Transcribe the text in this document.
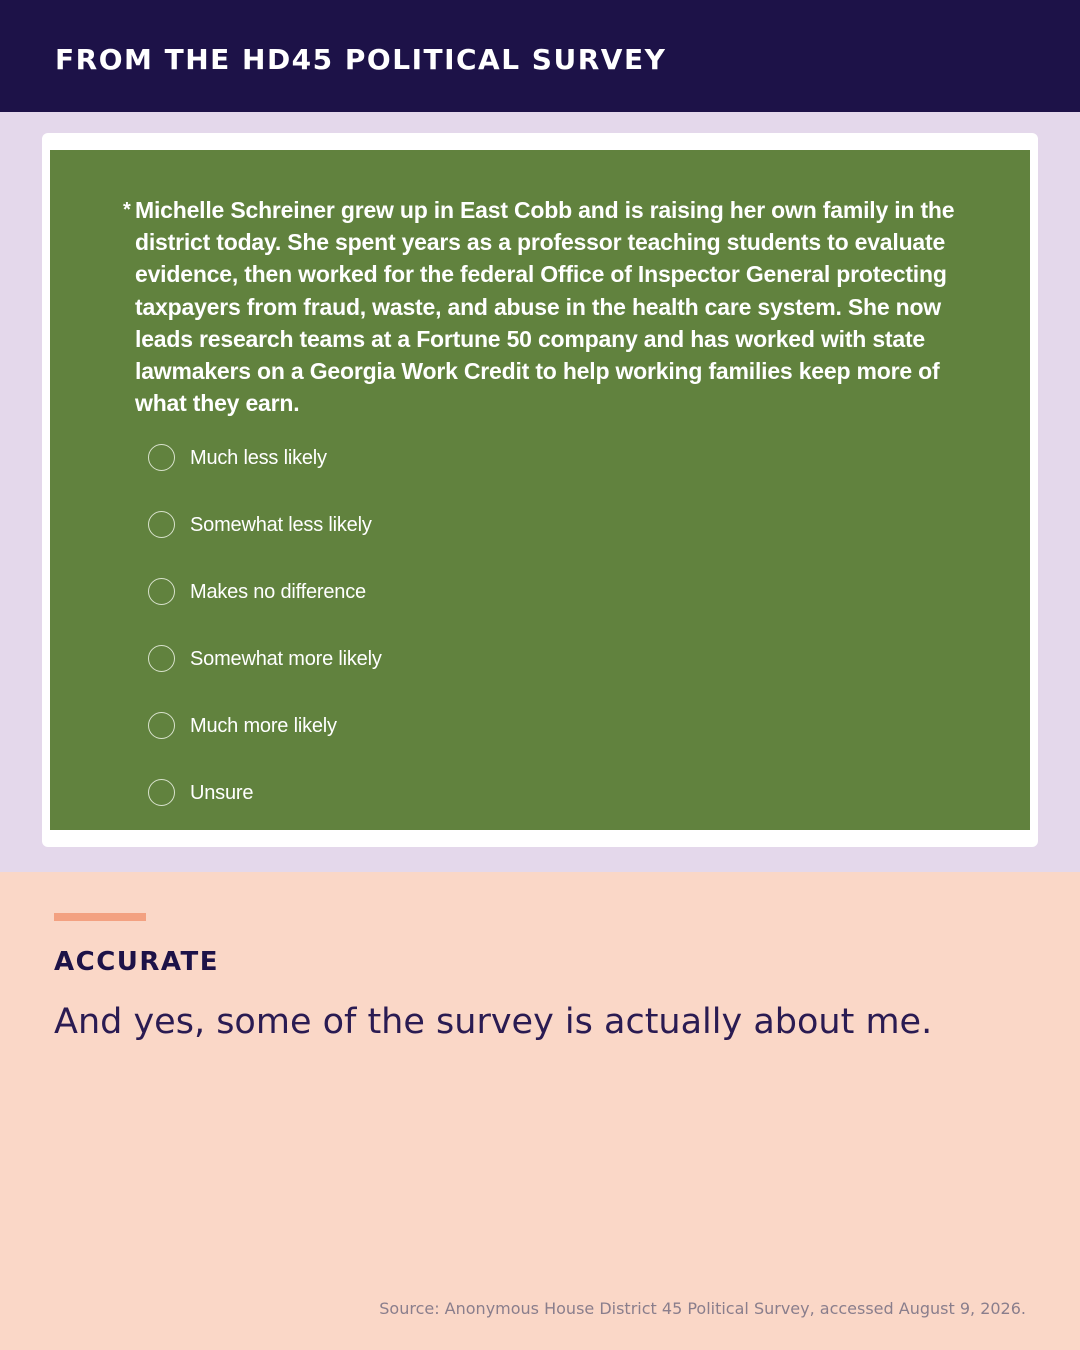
FROM THE HD45 POLITICAL SURVEY

* Michelle Schreiner grew up in East Cobb and is raising her own family in the district today. She spent years as a professor teaching students to evaluate evidence, then worked for the federal Office of Inspector General protecting taxpayers from fraud, waste, and abuse in the health care system. She now leads research teams at a Fortune 50 company and has worked with state lawmakers on a Georgia Work Credit to help working families keep more of what they earn.

Much less likely
Somewhat less likely
Makes no difference
Somewhat more likely
Much more likely
Unsure
ACCURATE

And yes, some of the survey is actually about me.

Source: Anonymous House District 45 Political Survey, accessed August 9, 2026.
